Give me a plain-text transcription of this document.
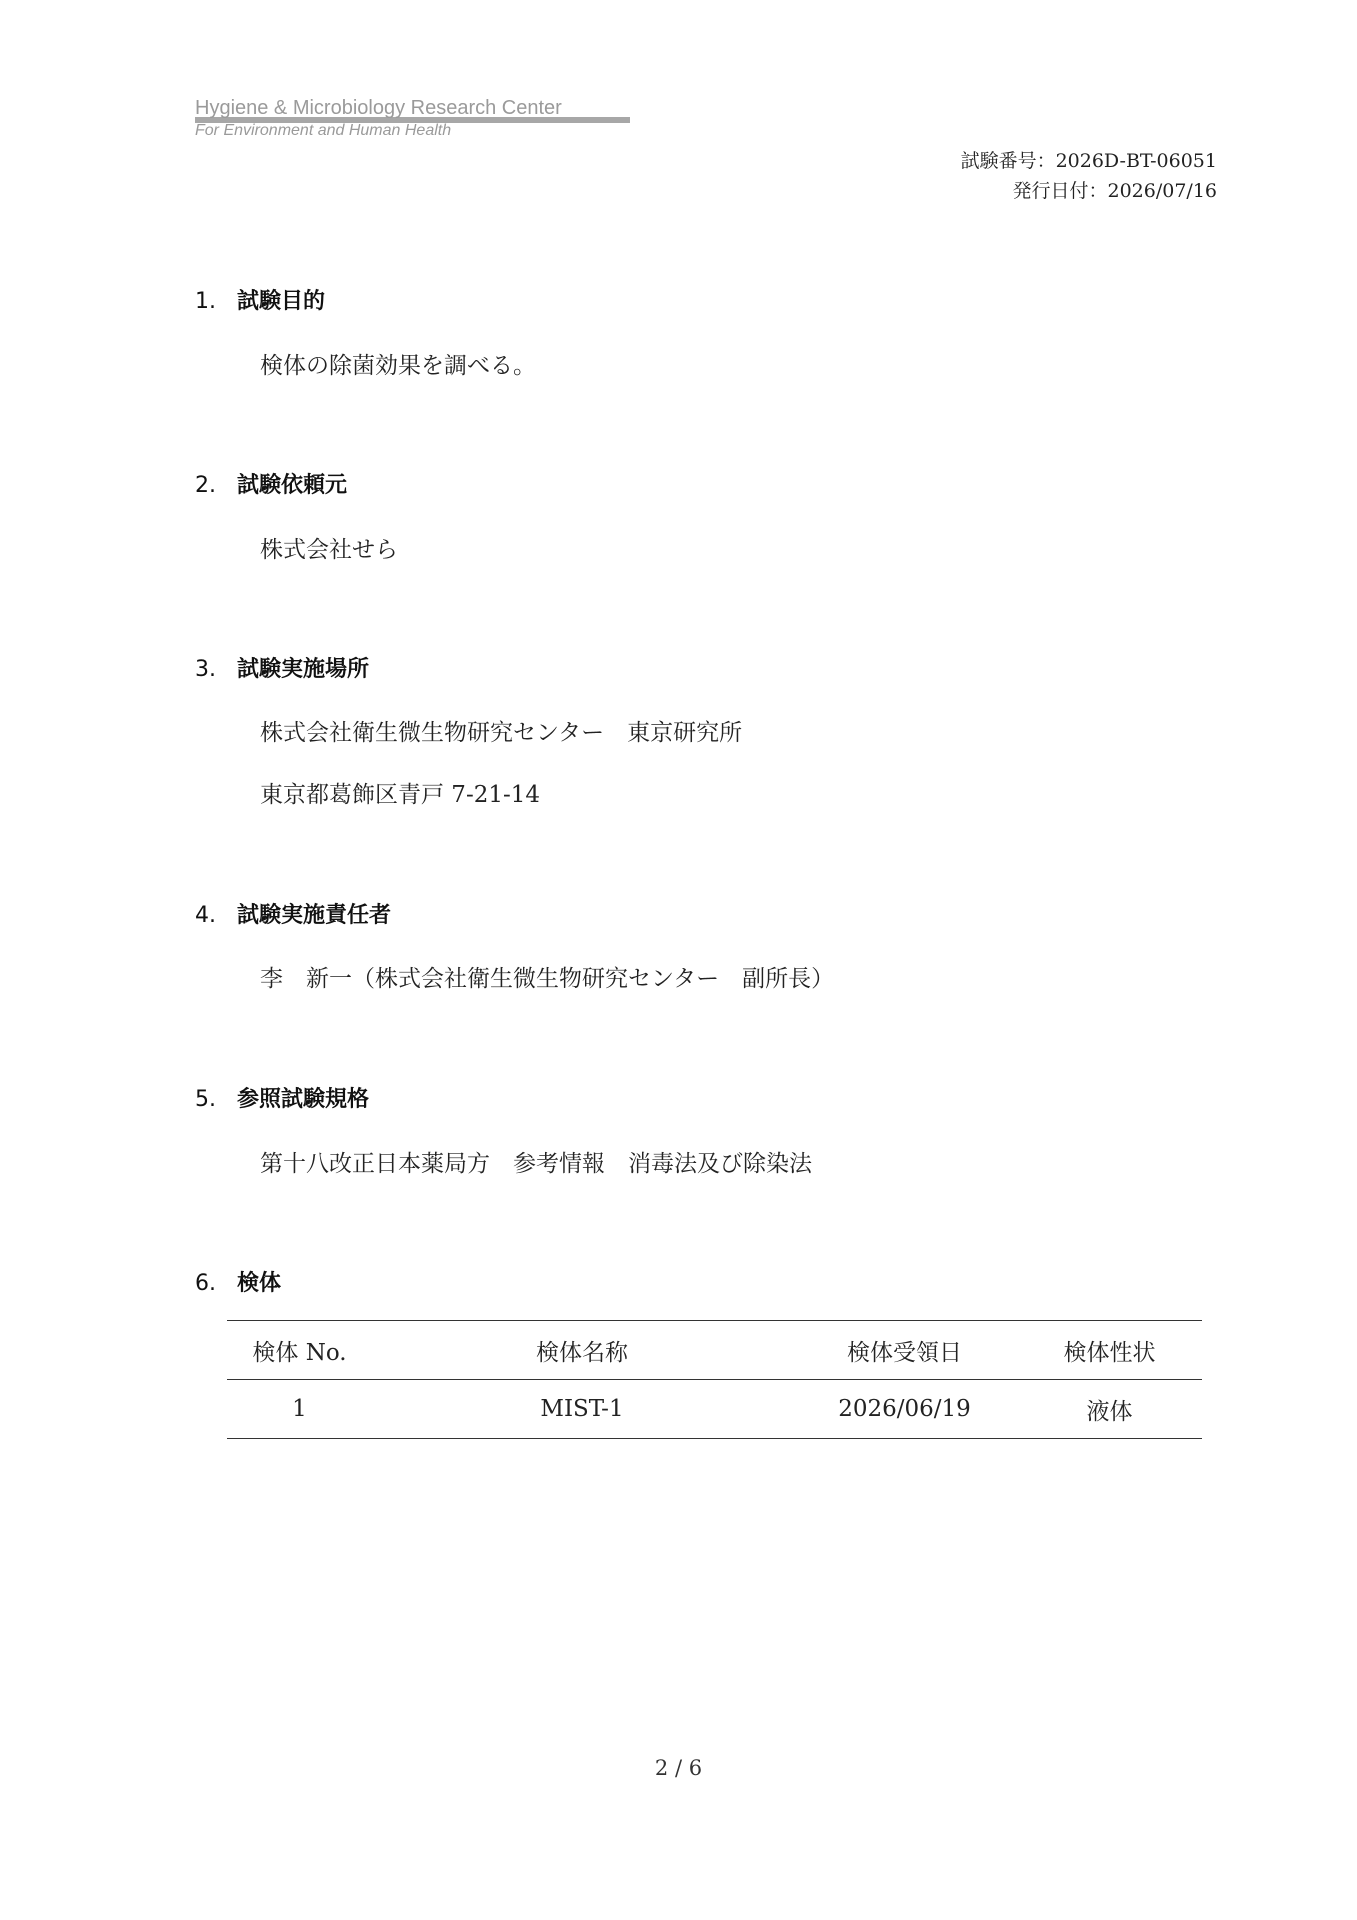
Hygiene & Microbiology Research Center
For Environment and Human Health
試験番号：2026D-BT-06051
発行日付：2026/07/16
1. 試験目的
検体の除菌効果を調べる。
2. 試験依頼元
株式会社せら
3. 試験実施場所
株式会社衛生微生物研究センター　東京研究所
東京都葛飾区青戸 7-21-14
4. 試験実施責任者
李　新一（株式会社衛生微生物研究センター　副所長）
5. 参照試験規格
第十八改正日本薬局方　参考情報　消毒法及び除染法
6. 検体
検体 No.	検体名称	検体受領日	検体性状
1	MIST-1	2026/06/19	液体
2 / 6
